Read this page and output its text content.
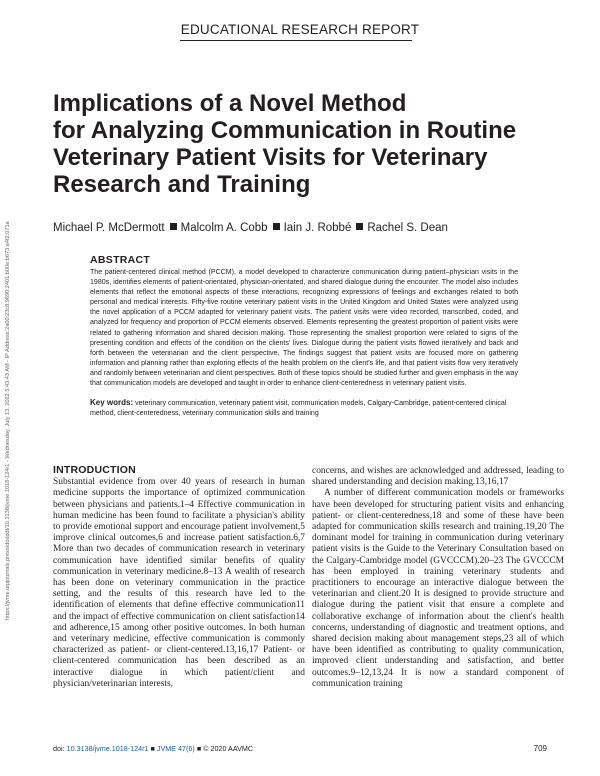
https://jvme.utpjournals.press/doi/pdf/10.3138/jvme.1018-124r1 - Wednesday, July 13, 2022 5:43:43 AM - IP Address:2a00:23c8:9690:2401:b00e:b673:a4f2:071a
EDUCATIONAL RESEARCH REPORT
Implications of a Novel Method
for Analyzing Communication in Routine
Veterinary Patient Visits for Veterinary
Research and Training
Michael P. McDermott Malcolm A. Cobb Iain J. Robbé Rachel S. Dean
ABSTRACT

The patient-centered clinical method (PCCM), a model developed to characterize communication during patient–physician visits in the 1980s, identifies elements of patient-orientated, physician-orientated, and shared dialogue during the encounter. The model also includes elements that reflect the emotional aspects of these interactions, recognizing expressions of feelings and exchanges related to both personal and medical interests. Fifty-five routine veterinary patient visits in the United Kingdom and United States were analyzed using the novel application of a PCCM adapted for veterinary patient visits. The patient visits were video recorded, transcribed, coded, and analyzed for frequency and proportion of PCCM elements observed. Elements representing the greatest proportion of patient visits were related to gathering information and shared decision making. Those representing the smallest proportion were related to signs of the presenting condition and effects of the condition on the clients' lives. Dialogue during the patient visits flowed iteratively and back and forth between the veterinarian and the client perspective. The findings suggest that patient visits are focused more on gathering information and planning rather than exploring effects of the health problem on the client's life, and that patient visits flow very iteratively and randomly between veterinarian and client perspectives. Both of these topics should be studied further and given emphasis in the way that communication models are developed and taught in order to enhance client-centeredness in veterinary patient visits.

Key words: veterinary communication, veterinary patient visit, communication models, Calgary-Cambridge, patient-centered clinical method, client-centeredness, veterinary communication skills and training
INTRODUCTION

Substantial evidence from over 40 years of research in human medicine supports the importance of optimized communication between physicians and patients.1–4 Effective communication in human medicine has been found to facilitate a physician's ability to provide emotional support and encourage patient involvement,5 improve clinical outcomes,6 and increase patient satisfaction.6,7 More than two decades of communication research in veterinary communication have identified similar benefits of quality communication in veterinary medicine.8–13 A wealth of research has been done on veterinary communication in the practice setting, and the results of this research have led to the identification of elements that define effective communication11 and the impact of effective communication on client satisfaction14 and adherence,15 among other positive outcomes. In both human and veterinary medicine, effective communication is commonly characterized as patient- or client-centered.13,16,17 Patient- or client-centered communication has been described as an interactive dialogue in which patient/client and physician/veterinarian interests,

concerns, and wishes are acknowledged and addressed, leading to shared understanding and decision making.13,16,17

A number of different communication models or frameworks have been developed for structuring patient visits and enhancing patient- or client-centeredness,18 and some of these have been adapted for communication skills research and training.19,20 The dominant model for training in communication during veterinary patient visits is the Guide to the Veterinary Consultation based on the Calgary-Cambridge model (GVCCCM).20–23 The GVCCCM has been employed in training veterinary students and practitioners to encourage an interactive dialogue between the veterinarian and client.20 It is designed to provide structure and dialogue during the patient visit that ensure a complete and collaborative exchange of information about the client's health concerns, understanding of diagnostic and treatment options, and shared decision making about management steps,23 all of which have been identified as contributing to quality communication, improved client understanding and satisfaction, and better outcomes.9–12,13,24 It is now a standard component of communication training

doi: 10.3138/jvme.1018-124r1 ■ JVME 47(6) ■ © 2020 AAVMC	709
